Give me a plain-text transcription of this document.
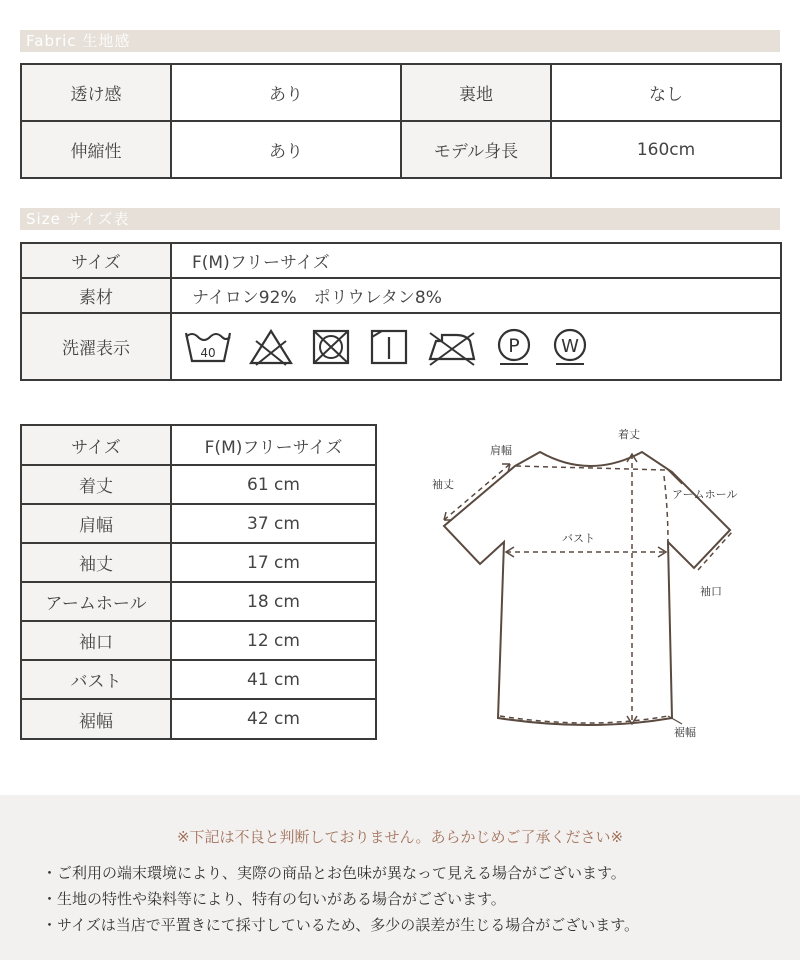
Fabric 生地感
透け感	あり	裏地	なし
伸縮性	あり	モデル身長	160cm
Size サイズ表
サイズ	F(M)フリーサイズ
素材	ナイロン92%　ポリウレタン8%
洗濯表示	40 P W
サイズ	F(M)フリーサイズ
着丈	61 cm
肩幅	37 cm
袖丈	17 cm
アームホール	18 cm
袖口	12 cm
バスト	41 cm
裾幅	42 cm
着丈
肩幅
袖丈
アームホール
バスト
袖口
裾幅
※下記は不良と判断しておりません。あらかじめご了承ください※
・ご利用の端末環境により、実際の商品とお色味が異なって見える場合がございます。
・生地の特性や染料等により、特有の匂いがある場合がございます。
・サイズは当店で平置きにて採寸しているため、多少の誤差が生じる場合がございます。
